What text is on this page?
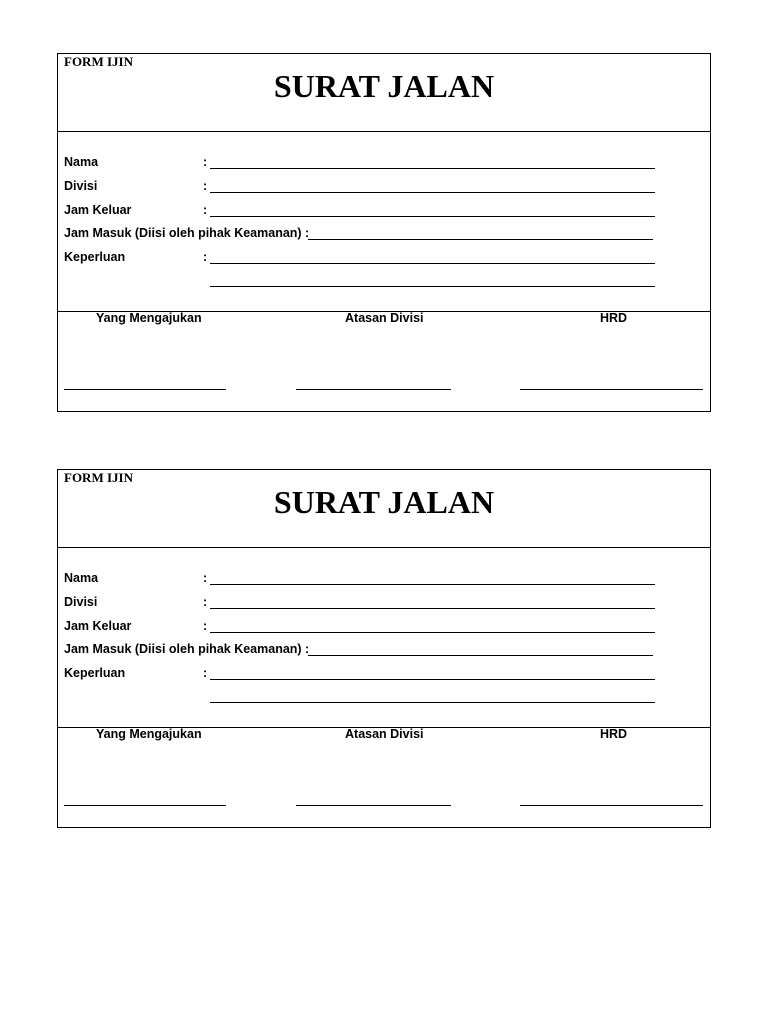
FORM IJIN
SURAT JALAN
Nama	:
Divisi	:
Jam Keluar	:
Jam Masuk (Diisi oleh pihak Keamanan) :
Keperluan	:
Yang Mengajukan	Atasan Divisi	HRD
FORM IJIN
SURAT JALAN
Nama	:
Divisi	:
Jam Keluar	:
Jam Masuk (Diisi oleh pihak Keamanan) :
Keperluan	:
Yang Mengajukan	Atasan Divisi	HRD
